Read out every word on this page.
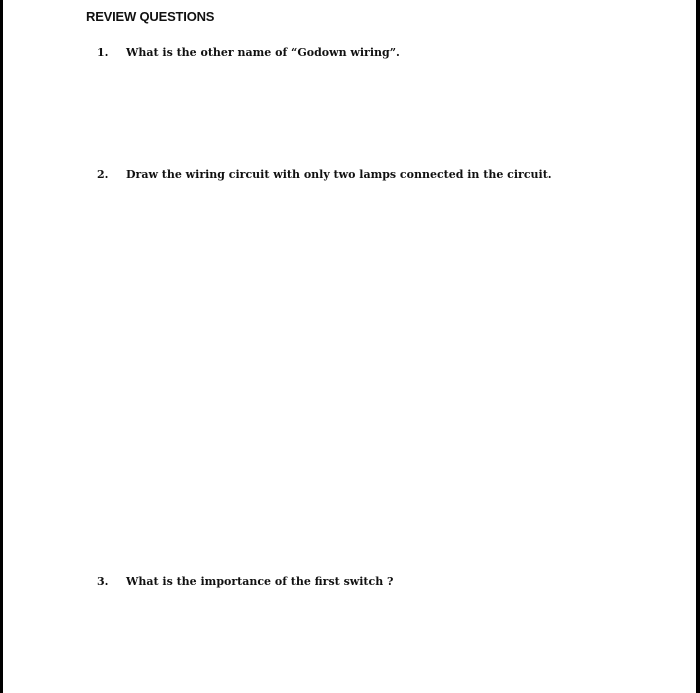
REVIEW QUESTIONS
1. What is the other name of “Godown wiring”.
2. Draw the wiring circuit with only two lamps connected in the circuit.
3. What is the importance of the first switch ?
